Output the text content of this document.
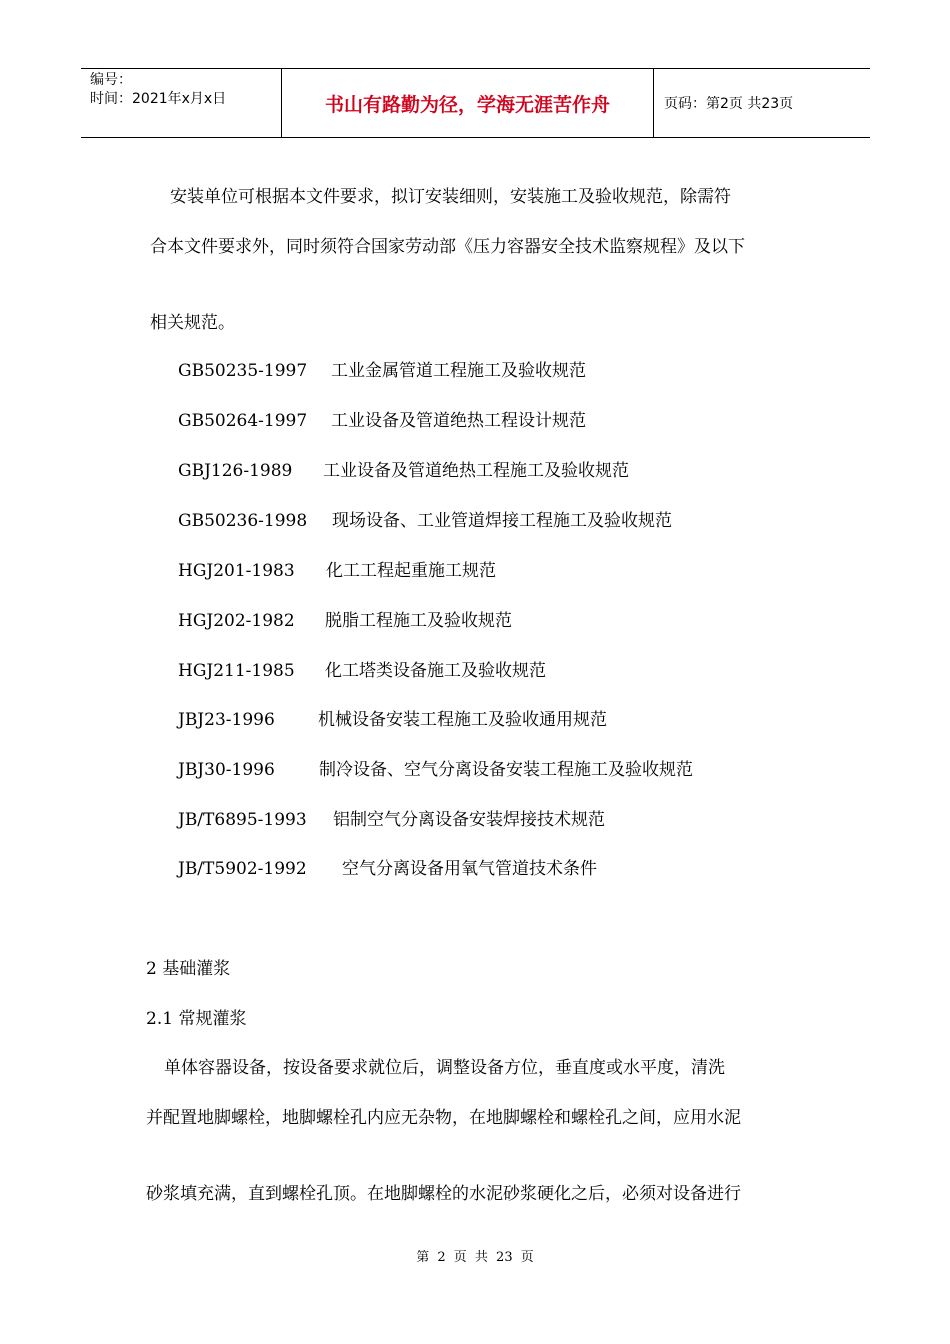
编号：
时间：2021年x月x日	书山有路勤为径，学海无涯苦作舟	页码：第2页 共23页
安装单位可根据本文件要求，拟订安装细则，安装施工及验收规范，除需符
合本文件要求外，同时须符合国家劳动部《压力容器安全技术监察规程》及以下
相关规范。
GB50235-1997 工业金属管道工程施工及验收规范
GB50264-1997 工业设备及管道绝热工程设计规范
GBJ126-1989 工业设备及管道绝热工程施工及验收规范
GB50236-1998 现场设备、工业管道焊接工程施工及验收规范
HGJ201-1983 化工工程起重施工规范
HGJ202-1982 脱脂工程施工及验收规范
HGJ211-1985 化工塔类设备施工及验收规范
JBJ23-1996	机械设备安装工程施工及验收通用规范
JBJ30-1996	制冷设备、空气分离设备安装工程施工及验收规范
JB/T6895-1993 铝制空气分离设备安装焊接技术规范
JB/T5902-1992 空气分离设备用氧气管道技术条件
2 基础灌浆
2.1 常规灌浆
单体容器设备，按设备要求就位后，调整设备方位，垂直度或水平度，清洗
并配置地脚螺栓，地脚螺栓孔内应无杂物，在地脚螺栓和螺栓孔之间，应用水泥
砂浆填充满，直到螺栓孔顶。在地脚螺栓的水泥砂浆硬化之后，必须对设备进行
第 2 页 共 23 页
